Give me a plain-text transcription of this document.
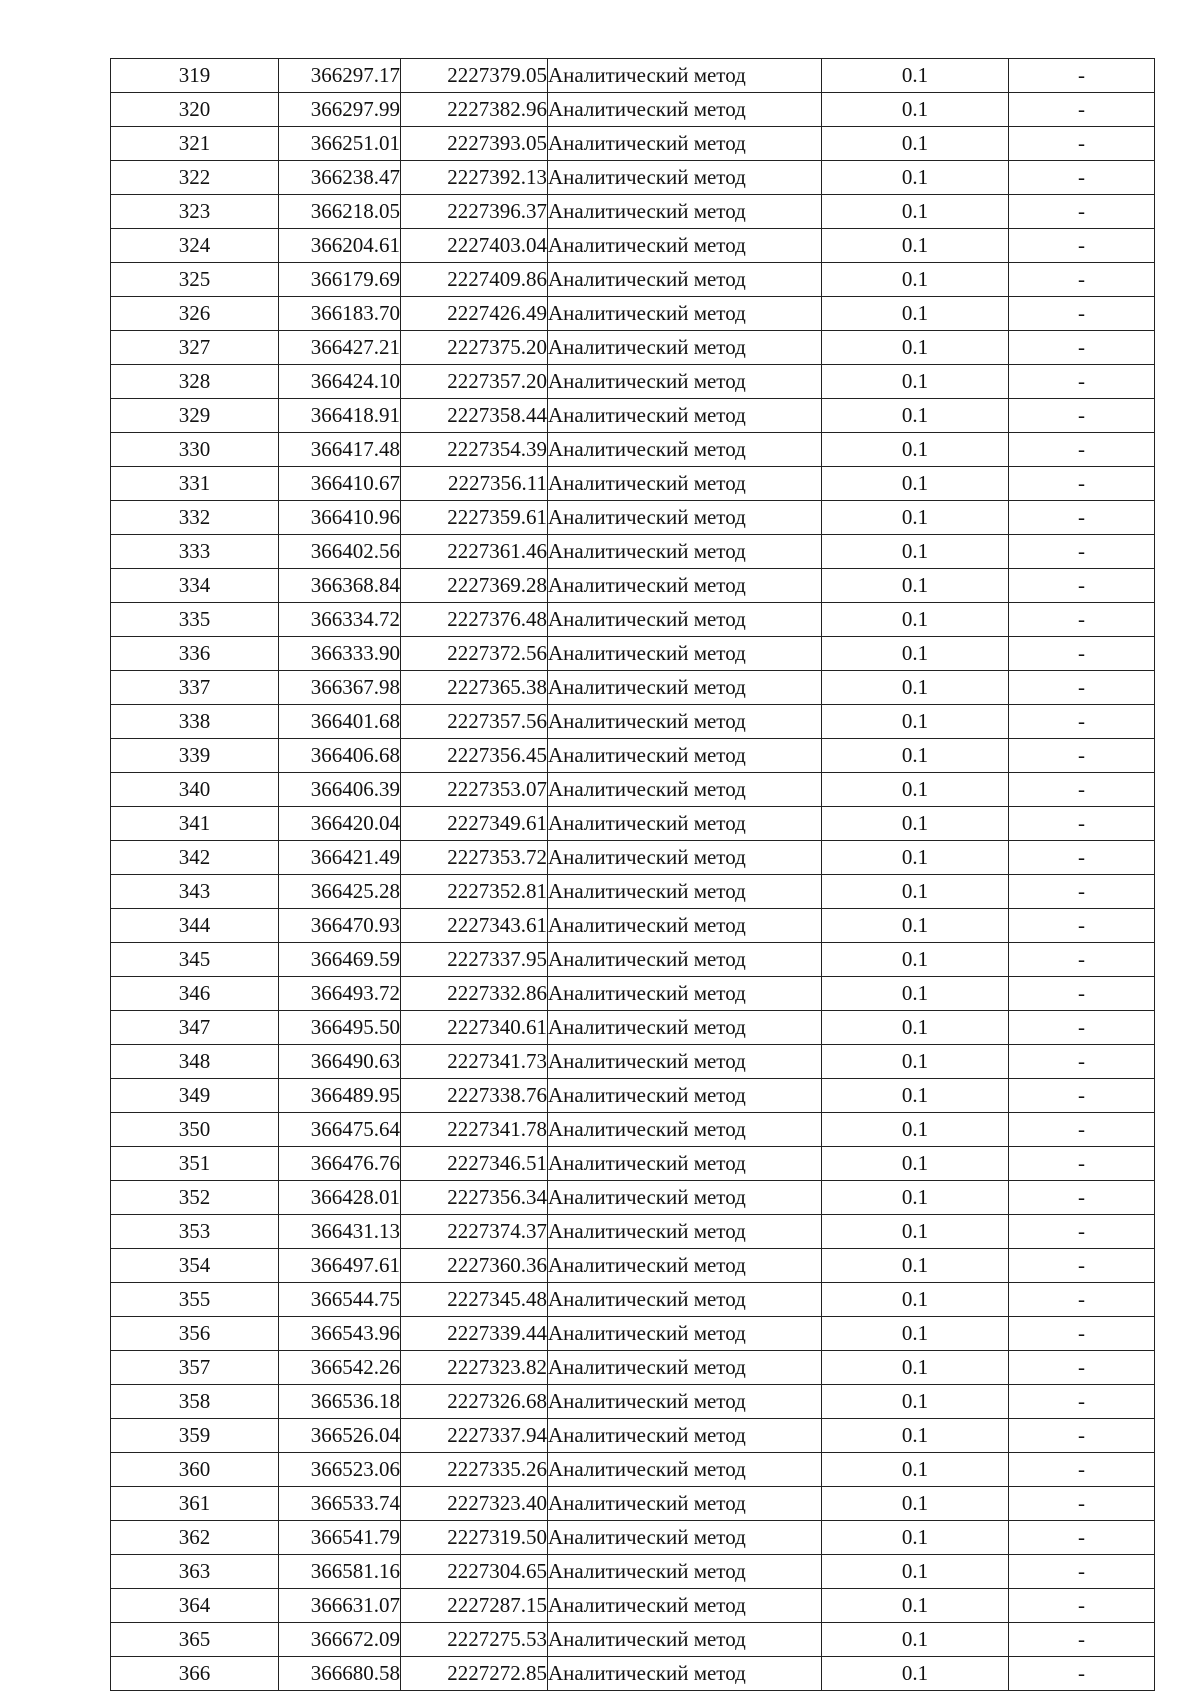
319	366297.17	2227379.05	Аналитический метод	0.1	-
320	366297.99	2227382.96	Аналитический метод	0.1	-
321	366251.01	2227393.05	Аналитический метод	0.1	-
322	366238.47	2227392.13	Аналитический метод	0.1	-
323	366218.05	2227396.37	Аналитический метод	0.1	-
324	366204.61	2227403.04	Аналитический метод	0.1	-
325	366179.69	2227409.86	Аналитический метод	0.1	-
326	366183.70	2227426.49	Аналитический метод	0.1	-
327	366427.21	2227375.20	Аналитический метод	0.1	-
328	366424.10	2227357.20	Аналитический метод	0.1	-
329	366418.91	2227358.44	Аналитический метод	0.1	-
330	366417.48	2227354.39	Аналитический метод	0.1	-
331	366410.67	2227356.11	Аналитический метод	0.1	-
332	366410.96	2227359.61	Аналитический метод	0.1	-
333	366402.56	2227361.46	Аналитический метод	0.1	-
334	366368.84	2227369.28	Аналитический метод	0.1	-
335	366334.72	2227376.48	Аналитический метод	0.1	-
336	366333.90	2227372.56	Аналитический метод	0.1	-
337	366367.98	2227365.38	Аналитический метод	0.1	-
338	366401.68	2227357.56	Аналитический метод	0.1	-
339	366406.68	2227356.45	Аналитический метод	0.1	-
340	366406.39	2227353.07	Аналитический метод	0.1	-
341	366420.04	2227349.61	Аналитический метод	0.1	-
342	366421.49	2227353.72	Аналитический метод	0.1	-
343	366425.28	2227352.81	Аналитический метод	0.1	-
344	366470.93	2227343.61	Аналитический метод	0.1	-
345	366469.59	2227337.95	Аналитический метод	0.1	-
346	366493.72	2227332.86	Аналитический метод	0.1	-
347	366495.50	2227340.61	Аналитический метод	0.1	-
348	366490.63	2227341.73	Аналитический метод	0.1	-
349	366489.95	2227338.76	Аналитический метод	0.1	-
350	366475.64	2227341.78	Аналитический метод	0.1	-
351	366476.76	2227346.51	Аналитический метод	0.1	-
352	366428.01	2227356.34	Аналитический метод	0.1	-
353	366431.13	2227374.37	Аналитический метод	0.1	-
354	366497.61	2227360.36	Аналитический метод	0.1	-
355	366544.75	2227345.48	Аналитический метод	0.1	-
356	366543.96	2227339.44	Аналитический метод	0.1	-
357	366542.26	2227323.82	Аналитический метод	0.1	-
358	366536.18	2227326.68	Аналитический метод	0.1	-
359	366526.04	2227337.94	Аналитический метод	0.1	-
360	366523.06	2227335.26	Аналитический метод	0.1	-
361	366533.74	2227323.40	Аналитический метод	0.1	-
362	366541.79	2227319.50	Аналитический метод	0.1	-
363	366581.16	2227304.65	Аналитический метод	0.1	-
364	366631.07	2227287.15	Аналитический метод	0.1	-
365	366672.09	2227275.53	Аналитический метод	0.1	-
366	366680.58	2227272.85	Аналитический метод	0.1	-
